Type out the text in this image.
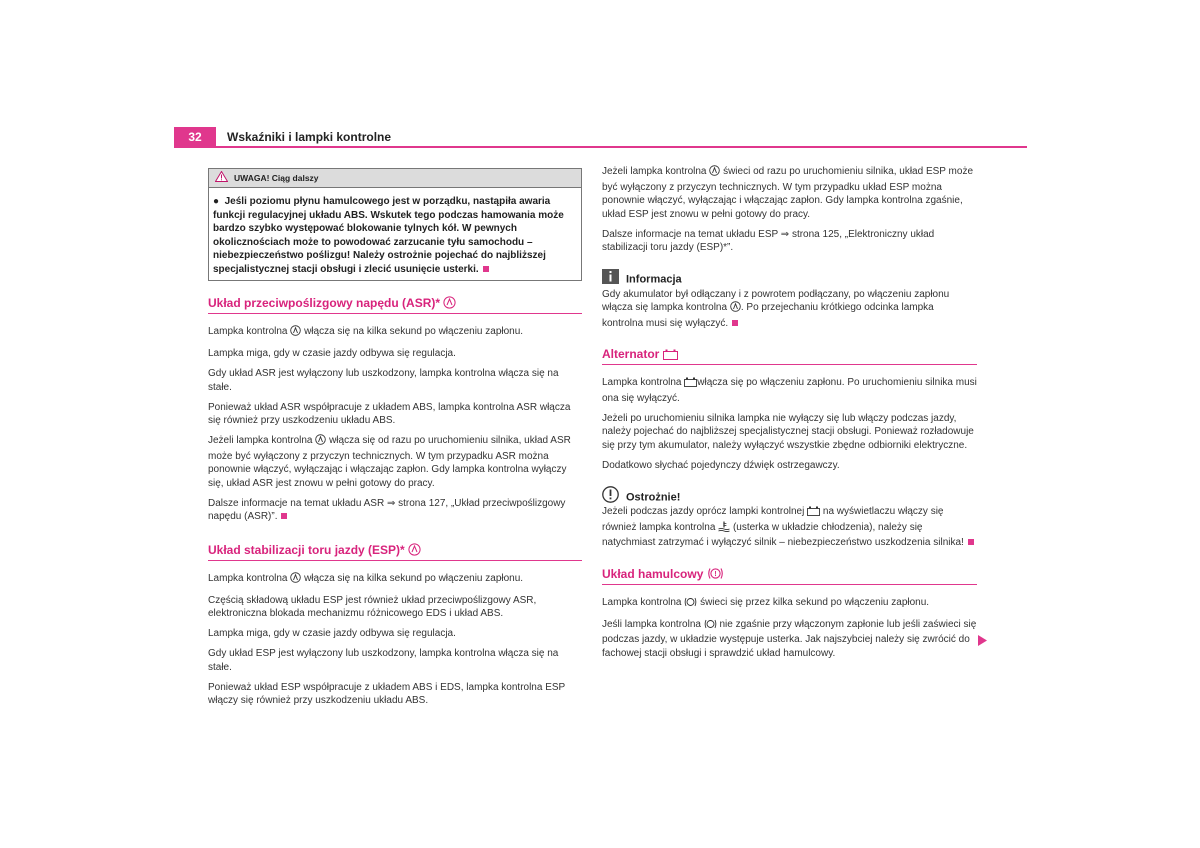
32	Wskaźniki i lampki kontrolne
UWAGA! Ciąg dalszy
●  Jeśli poziomu płynu hamulcowego jest w porządku, nastąpiła awaria funkcji regulacyjnej układu ABS. Wskutek tego podczas hamowania może bardzo szybko występować blokowanie tylnych kół. W pewnych okolicznościach może to powodować zarzucanie tyłu samochodu – niebezpieczeństwo poślizgu! Należy ostrożnie pojechać do najbliższej specjalistycznej stacji obsługi i zlecić usunięcie usterki.
Układ przeciwpoślizgowy napędu (ASR)*

Lampka kontrolna włącza się na kilka sekund po włączeniu zapłonu.

Lampka miga, gdy w czasie jazdy odbywa się regulacja.

Gdy układ ASR jest wyłączony lub uszkodzony, lampka kontrolna włącza się na stałe.

Ponieważ układ ASR współpracuje z układem ABS, lampka kontrolna ASR włącza się również przy uszkodzeniu układu ABS.

Jeżeli lampka kontrolna włącza się od razu po uruchomieniu silnika, układ ASR może być wyłączony z przyczyn technicznych. W tym przypadku ASR można ponownie włączyć, wyłączając i włączając zapłon. Gdy lampka kontrolna wyłączy się, układ ASR jest znowu w pełni gotowy do pracy.

Dalsze informacje na temat układu ASR ⇒ strona 127, „Układ przeciwpoślizgowy napędu (ASR)”.

Układ stabilizacji toru jazdy (ESP)*

Lampka kontrolna włącza się na kilka sekund po włączeniu zapłonu.

Częścią składową układu ESP jest również układ przeciwpoślizgowy ASR, elektroniczna blokada mechanizmu różnicowego EDS i układ ABS.

Lampka miga, gdy w czasie jazdy odbywa się regulacja.

Gdy układ ESP jest wyłączony lub uszkodzony, lampka kontrolna włącza się na stałe.

Ponieważ układ ESP współpracuje z układem ABS i EDS, lampka kontrolna ESP włączy się również przy uszkodzeniu układu ABS.

Jeżeli lampka kontrolna świeci od razu po uruchomieniu silnika, układ ESP może być wyłączony z przyczyn technicznych. W tym przypadku układ ESP można ponownie włączyć, wyłączając i włączając zapłon. Gdy lampka kontrolna zgaśnie, układ ESP jest znowu w pełni gotowy do pracy.

Dalsze informacje na temat układu ESP ⇒ strona 125, „Elektroniczny układ stabilizacji toru jazdy (ESP)*”.

Informacja

Gdy akumulator był odłączany i z powrotem podłączany, po włączeniu zapłonu włącza się lampka kontrolna . Po przejechaniu krótkiego odcinka lampka kontrolna musi się wyłączyć.

Alternator

Lampka kontrolna włącza się po włączeniu zapłonu. Po uruchomieniu silnika musi ona się wyłączyć.

Jeżeli po uruchomieniu silnika lampka nie wyłączy się lub włączy podczas jazdy, należy pojechać do najbliższej specjalistycznej stacji obsługi. Ponieważ rozładowuje się przy tym akumulator, należy wyłączyć wszystkie zbędne odbiorniki elektryczne.

Dodatkowo słychać pojedynczy dźwięk ostrzegawczy.

Ostrożnie!

Jeżeli podczas jazdy oprócz lampki kontrolnej na wyświetlaczu włączy się również lampka kontrolna (usterka w układzie chłodzenia), należy się natychmiast zatrzymać i wyłączyć silnik – niebezpieczeństwo uszkodzenia silnika!

Układ hamulcowy !

Lampka kontrolna świeci się przez kilka sekund po włączeniu zapłonu.

Jeśli lampka kontrolna nie zgaśnie przy włączonym zapłonie lub jeśli zaświeci się podczas jazdy, w układzie występuje usterka. Jak najszybciej należy się zwrócić do fachowej stacji obsługi i sprawdzić układ hamulcowy.
